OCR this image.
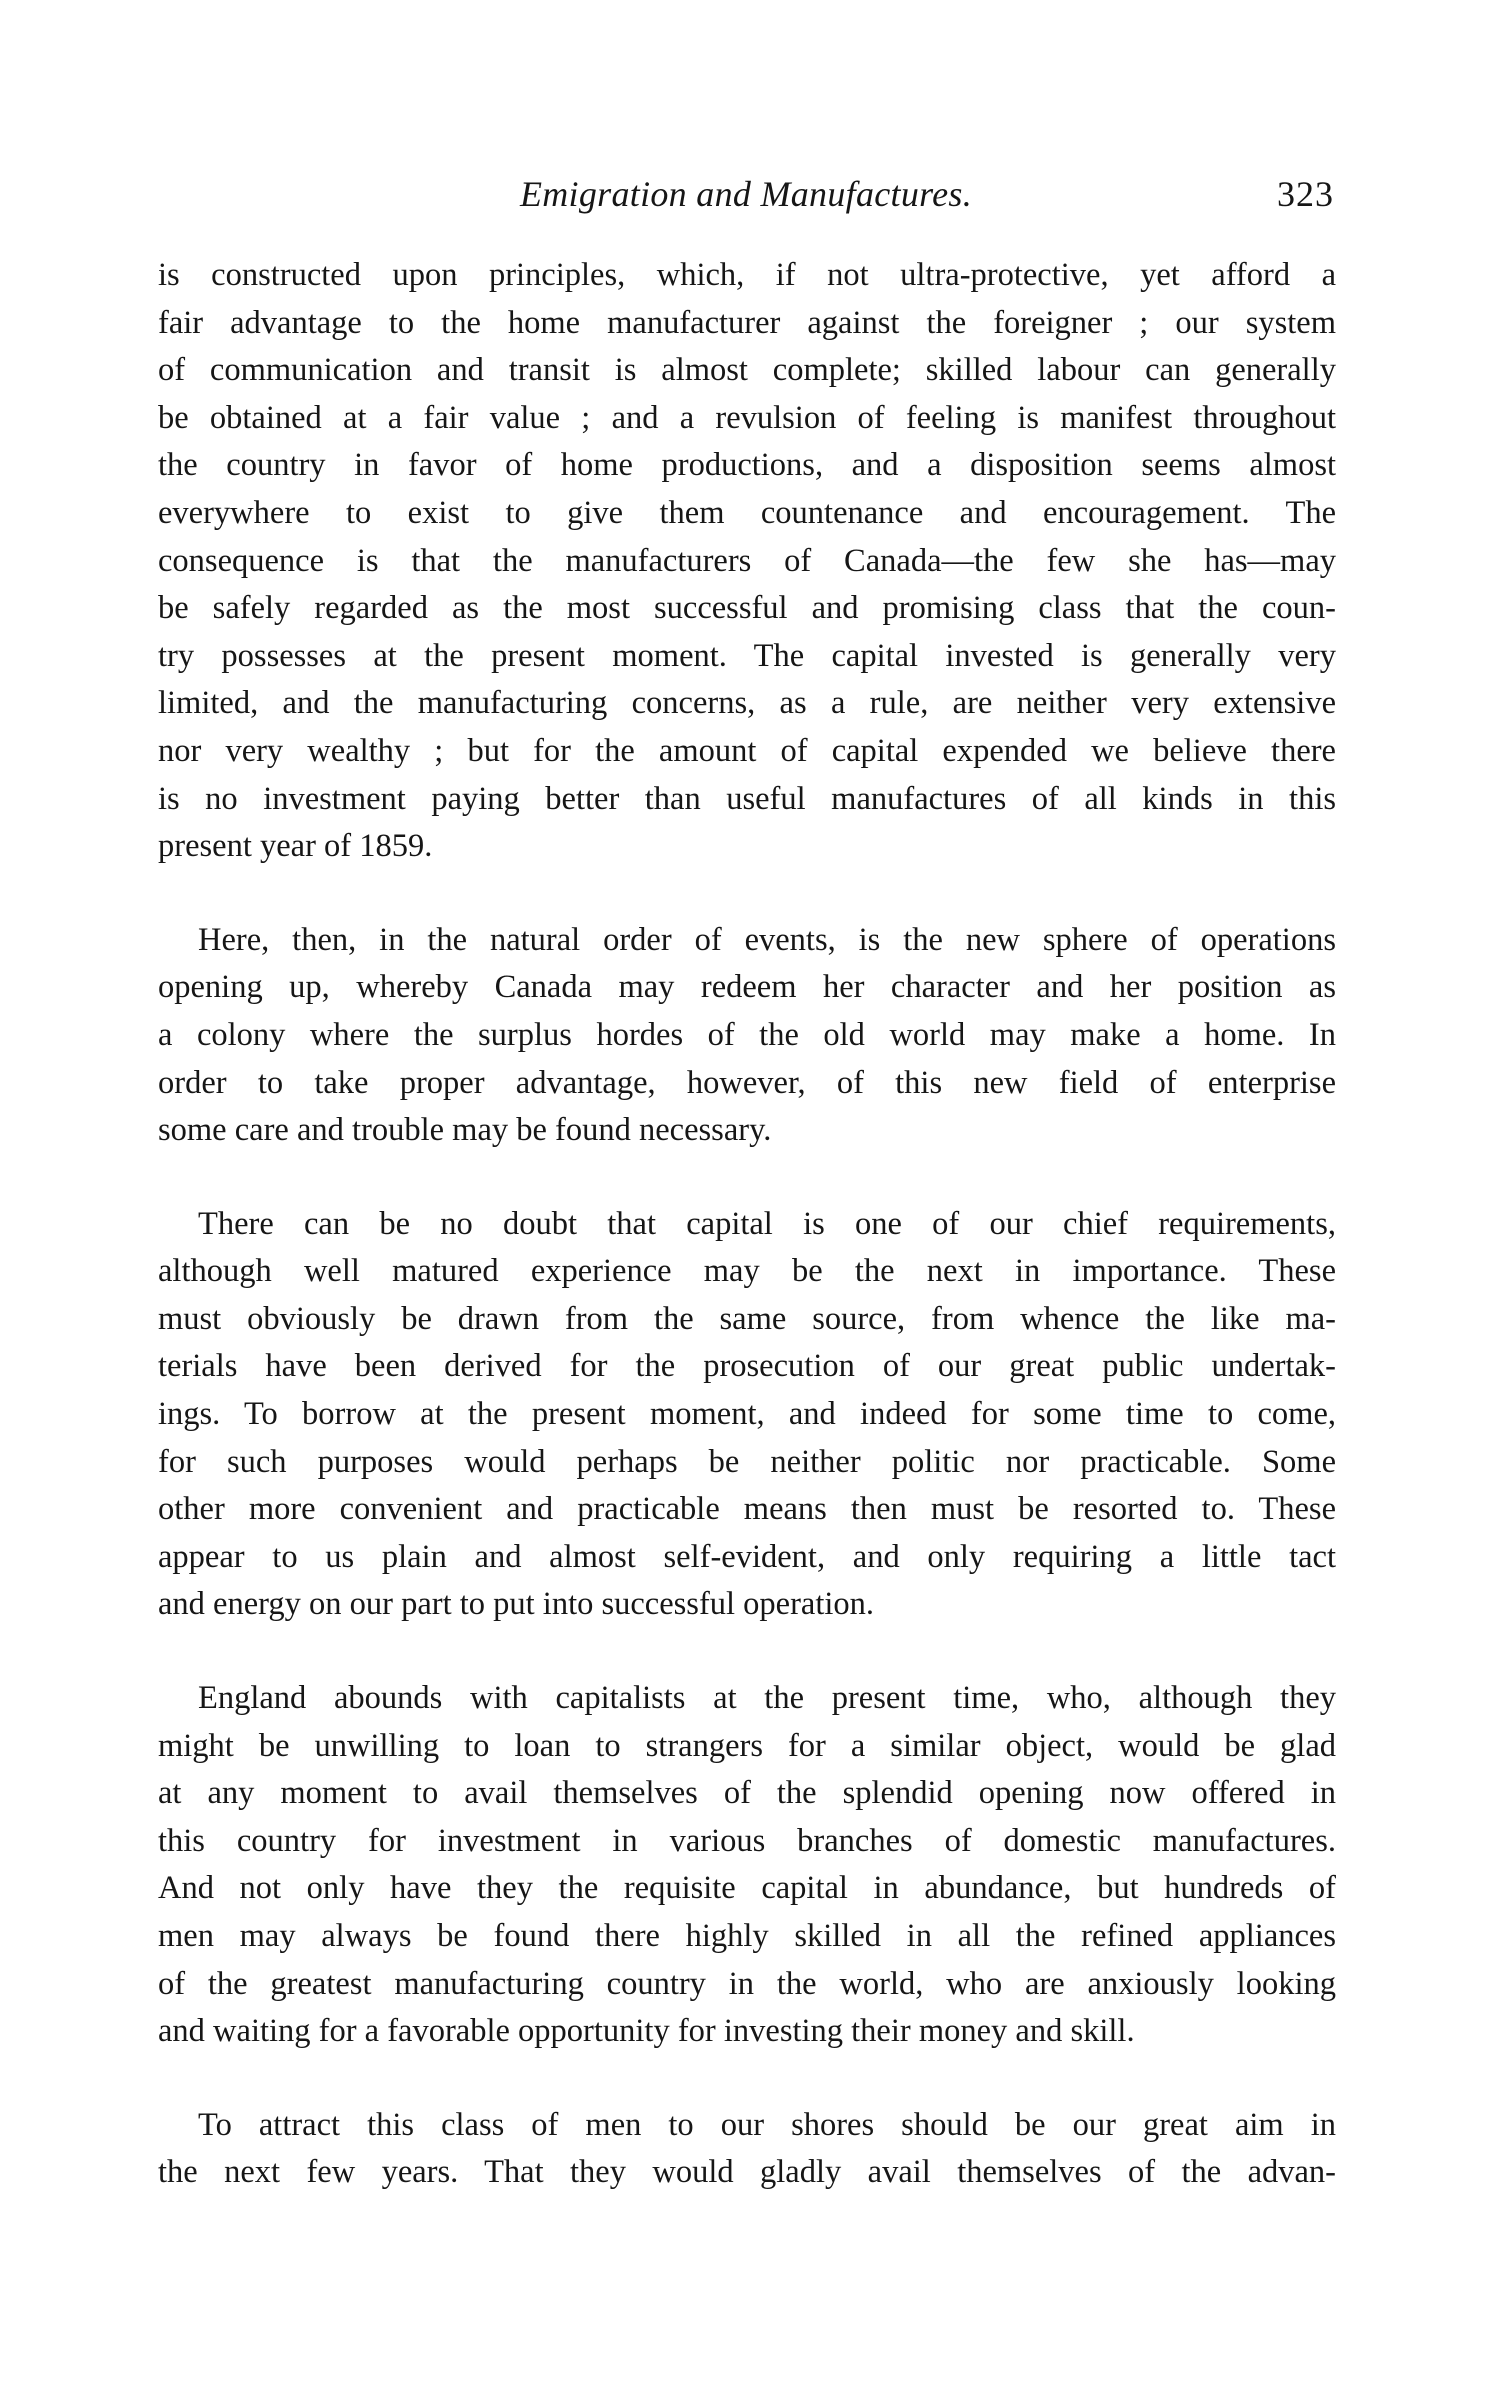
Emigration and Manufactures.	323
is constructed upon principles, which, if not ultra-protective, yet afford a
fair advantage to the home manufacturer against the foreigner ; our system
of communication and transit is almost complete; skilled labour can generally
be obtained at a fair value ; and a revulsion of feeling is manifest throughout
the country in favor of home productions, and a disposition seems almost
everywhere to exist to give them countenance and encouragement. The
consequence is that the manufacturers of Canada—the few she has—may
be safely regarded as the most successful and promising class that the coun-
try possesses at the present moment. The capital invested is generally very
limited, and the manufacturing concerns, as a rule, are neither very extensive
nor very wealthy ; but for the amount of capital expended we believe there
is no investment paying better than useful manufactures of all kinds in this
present year of 1859.
Here, then, in the natural order of events, is the new sphere of operations
opening up, whereby Canada may redeem her character and her position as
a colony where the surplus hordes of the old world may make a home. In
order to take proper advantage, however, of this new field of enterprise
some care and trouble may be found necessary.
There can be no doubt that capital is one of our chief requirements,
although well matured experience may be the next in importance. These
must obviously be drawn from the same source, from whence the like ma-
terials have been derived for the prosecution of our great public undertak-
ings. To borrow at the present moment, and indeed for some time to come,
for such purposes would perhaps be neither politic nor practicable. Some
other more convenient and practicable means then must be resorted to. These
appear to us plain and almost self-evident, and only requiring a little tact
and energy on our part to put into successful operation.
England abounds with capitalists at the present time, who, although they
might be unwilling to loan to strangers for a similar object, would be glad
at any moment to avail themselves of the splendid opening now offered in
this country for investment in various branches of domestic manufactures.
And not only have they the requisite capital in abundance, but hundreds of
men may always be found there highly skilled in all the refined appliances
of the greatest manufacturing country in the world, who are anxiously looking
and waiting for a favorable opportunity for investing their money and skill.
To attract this class of men to our shores should be our great aim in
the next few years. That they would gladly avail themselves of the advan-
